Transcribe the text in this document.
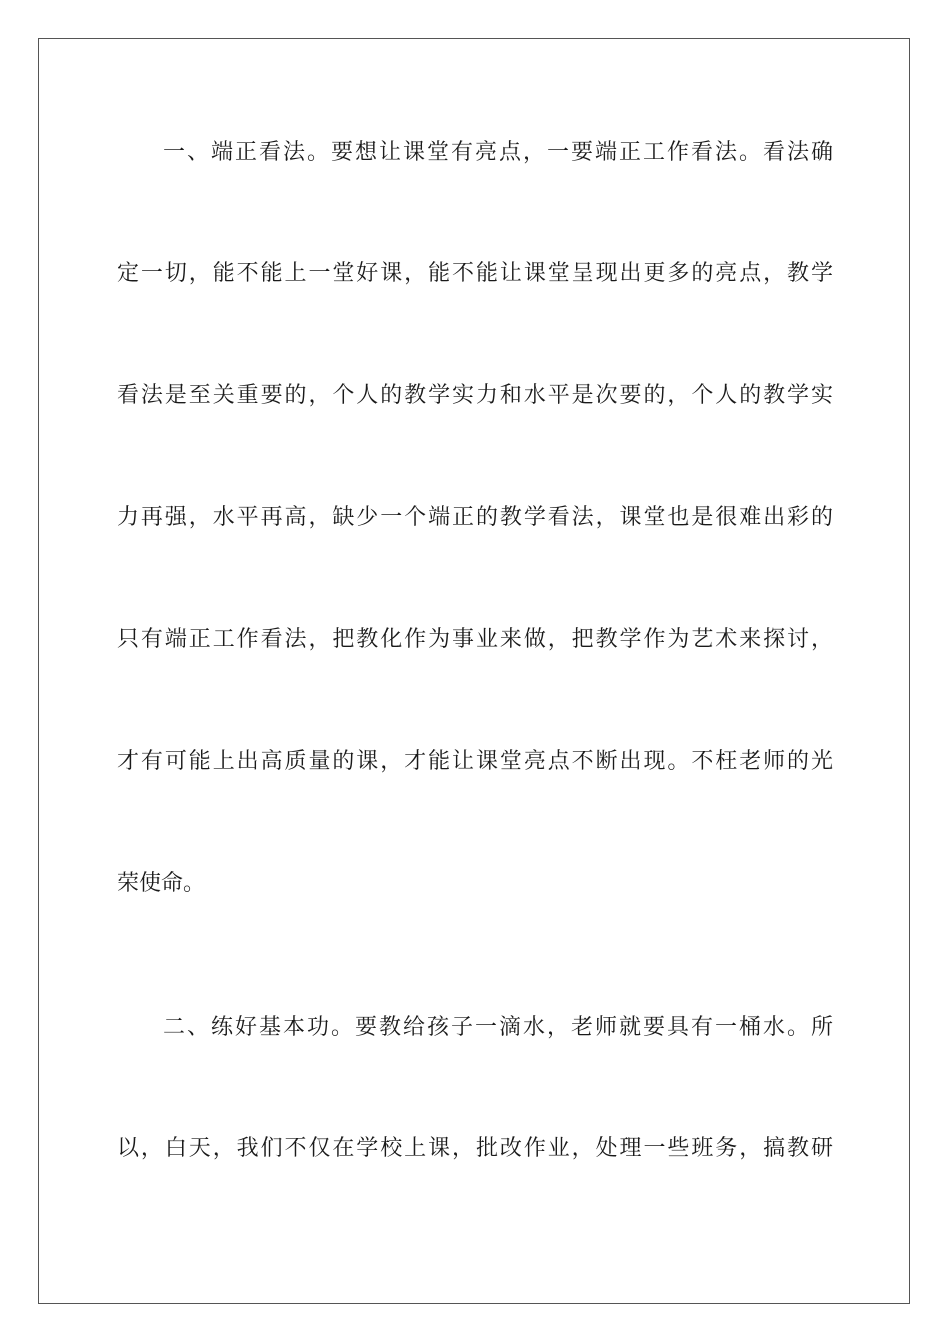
一、端正看法。要想让课堂有亮点，一要端正工作看法。看法确
定一切，能不能上一堂好课，能不能让课堂呈现出更多的亮点，教学
看法是至关重要的，个人的教学实力和水平是次要的，个人的教学实
力再强，水平再高，缺少一个端正的教学看法，课堂也是很难出彩的
只有端正工作看法，把教化作为事业来做，把教学作为艺术来探讨，
才有可能上出高质量的课，才能让课堂亮点不断出现。不枉老师的光
荣使命。
二、练好基本功。要教给孩子一滴水，老师就要具有一桶水。所
以，白天，我们不仅在学校上课，批改作业，处理一些班务，搞教研
